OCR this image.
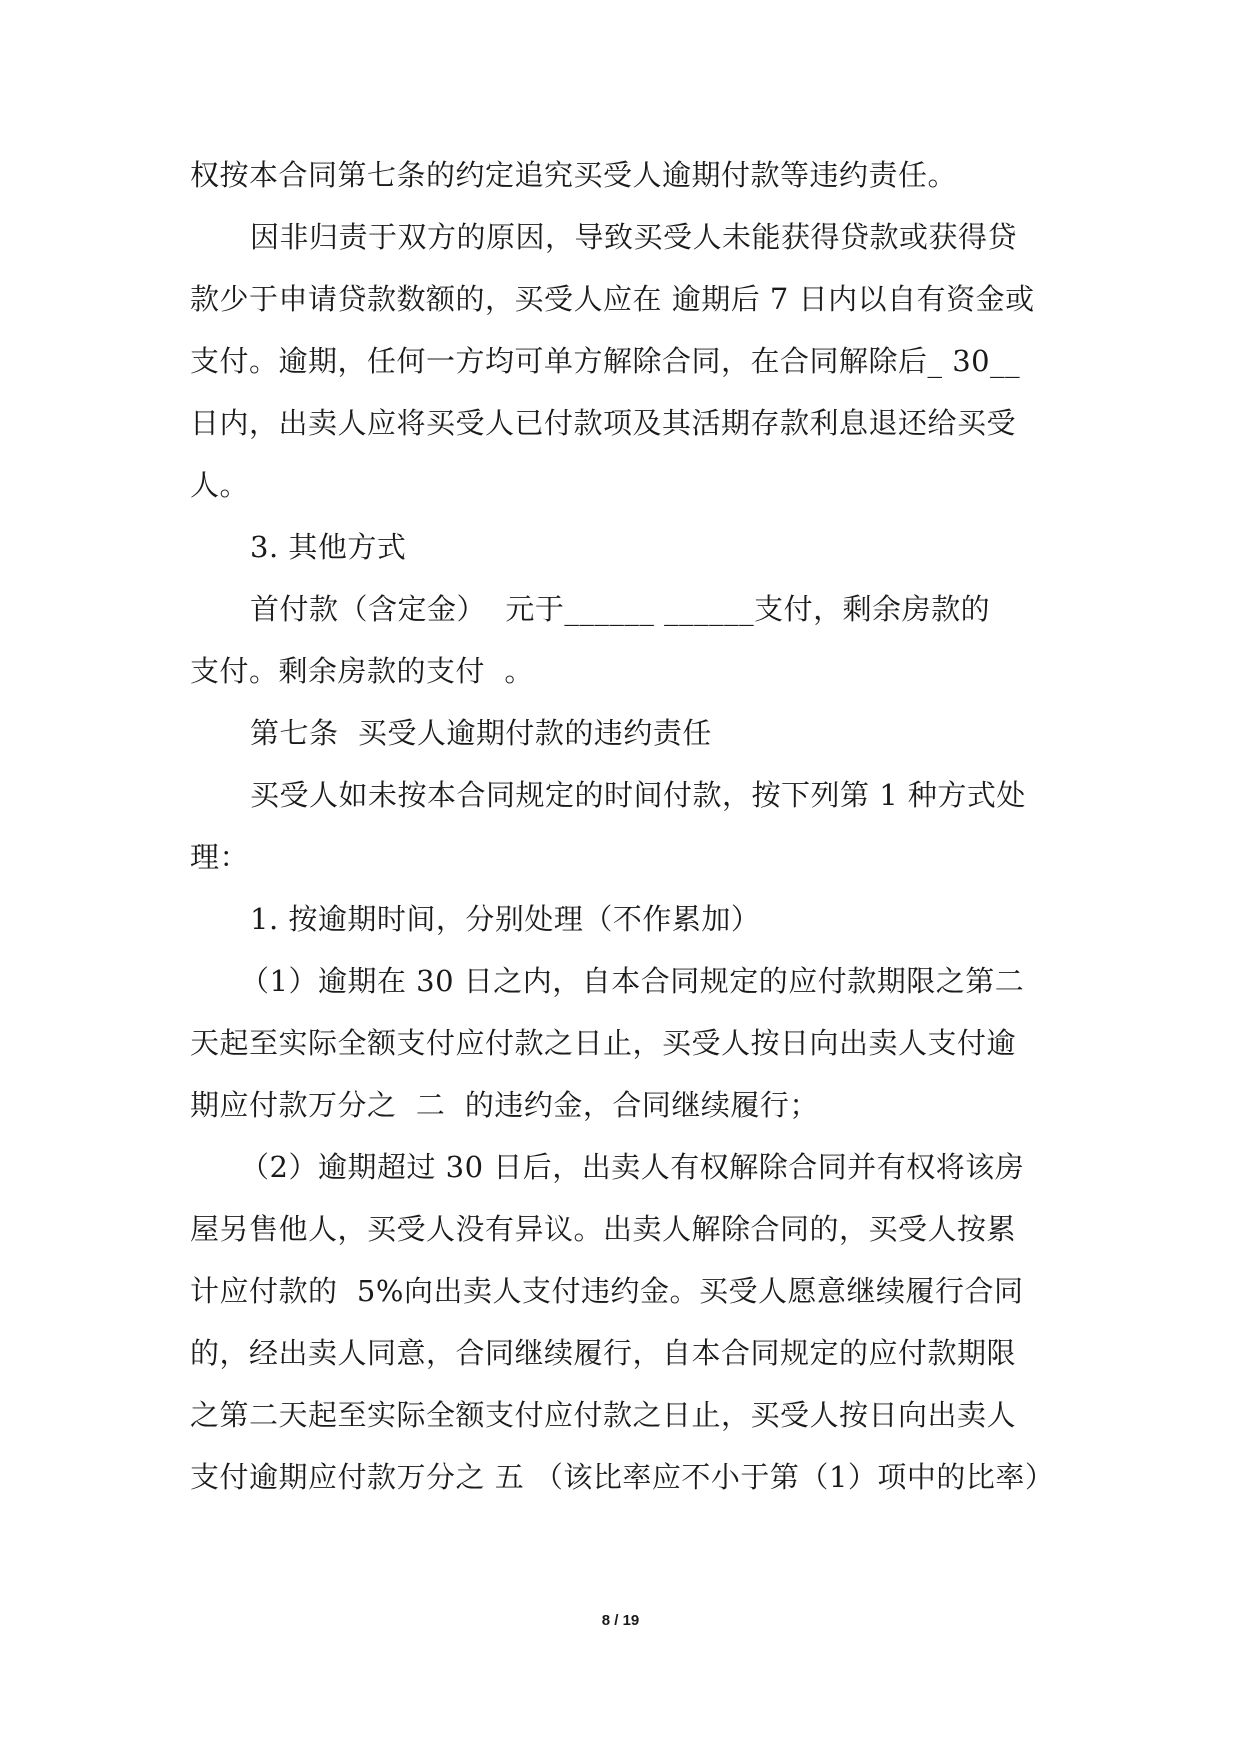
权按本合同第七条的约定追究买受人逾期付款等违约责任。
因非归责于双方的原因，导致买受人未能获得贷款或获得贷
款少于申请贷款数额的，买受人应在 逾期后 7 日内以自有资金或
支付。逾期，任何一方均可单方解除合同，在合同解除后_ 30__
日内，出卖人应将买受人已付款项及其活期存款利息退还给买受
人。
3. 其他方式
首付款（含定金）  元于______ ______支付，剩余房款的
支付。剩余房款的支付  。
第七条  买受人逾期付款的违约责任
买受人如未按本合同规定的时间付款，按下列第 1 种方式处
理：
1. 按逾期时间，分别处理（不作累加）
（1）逾期在 30 日之内，自本合同规定的应付款期限之第二
天起至实际全额支付应付款之日止，买受人按日向出卖人支付逾
期应付款万分之  二  的违约金，合同继续履行；
（2）逾期超过 30 日后，出卖人有权解除合同并有权将该房
屋另售他人，买受人没有异议。出卖人解除合同的，买受人按累
计应付款的  5%向出卖人支付违约金。买受人愿意继续履行合同
的，经出卖人同意，合同继续履行，自本合同规定的应付款期限
之第二天起至实际全额支付应付款之日止，买受人按日向出卖人
支付逾期应付款万分之 五 （该比率应不小于第（1）项中的比率）
8 / 19
